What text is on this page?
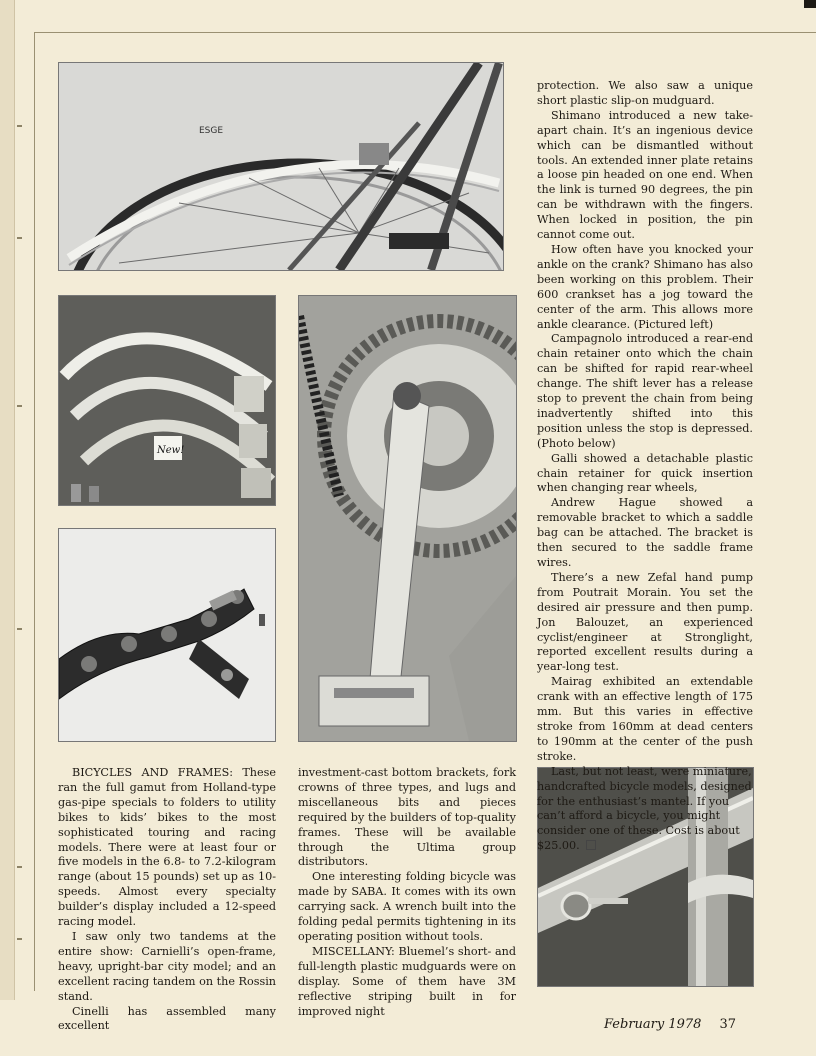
ESGE
New!

protection. We also saw a unique short plastic slip-on mudguard.

Shimano introduced a new take-apart chain. It’s an ingenious device which can be dismantled without tools. An extended inner plate retains a loose pin headed on one end. When the link is turned 90 degrees, the pin can be withdrawn with the fingers. When locked in position, the pin cannot come out.

How often have you knocked your ankle on the crank? Shimano has also been working on this problem. Their 600 crankset has a jog toward the center of the arm. This allows more ankle clearance. (Pictured left)

Campagnolo introduced a rear-end chain retainer onto which the chain can be shifted for rapid rear-wheel change. The shift lever has a release stop to prevent the chain from being inadvertently shifted into this position unless the stop is depressed. (Photo below)

Galli showed a detachable plastic chain retainer for quick insertion when changing rear wheels,

Andrew Hague showed a removable bracket to which a saddle bag can be attached. The bracket is then secured to the saddle frame wires.

There’s a new Zefal hand pump from Poutrait Morain. You set the desired air pressure and then pump. Jon Balouzet, an experienced cyclist/engineer at Stronglight, reported excellent results during a year-long test.

Mairag exhibited an extendable crank with an effective length of 175 mm. But this varies in effective stroke from 160mm at dead centers to 190mm at the center of the push stroke.

Last, but not least, were miniature, handcrafted bicycle models, designed for the enthusiast’s mantel. If you can’t afford a bicycle, you might consider one of these. Cost is about $25.00.

BICYCLES AND FRAMES: These ran the full gamut from Holland-type gas-pipe specials to folders to utility bikes to kids’ bikes to the most sophisticated touring and racing models. There were at least four or five models in the 6.8- to 7.2-kilogram range (about 15 pounds) set up as 10-speeds. Almost every specialty builder’s display included a 12-speed racing model.

I saw only two tandems at the entire show: Carnielli’s open-frame, heavy, upright-bar city model; and an excellent racing tandem on the Rossin stand.

Cinelli has assembled many excellent

investment-cast bottom brackets, fork crowns of three types, and lugs and miscellaneous bits and pieces required by the builders of top-quality frames. These will be available through the Ultima group distributors.

One interesting folding bicycle was made by SABA. It comes with its own carrying sack. A wrench built into the folding pedal permits tightening in its operating position without tools.

MISCELLANY: Bluemel’s short- and full-length plastic mudguards were on display. Some of them have 3M reflective striping built in for improved night

February 1978 37
